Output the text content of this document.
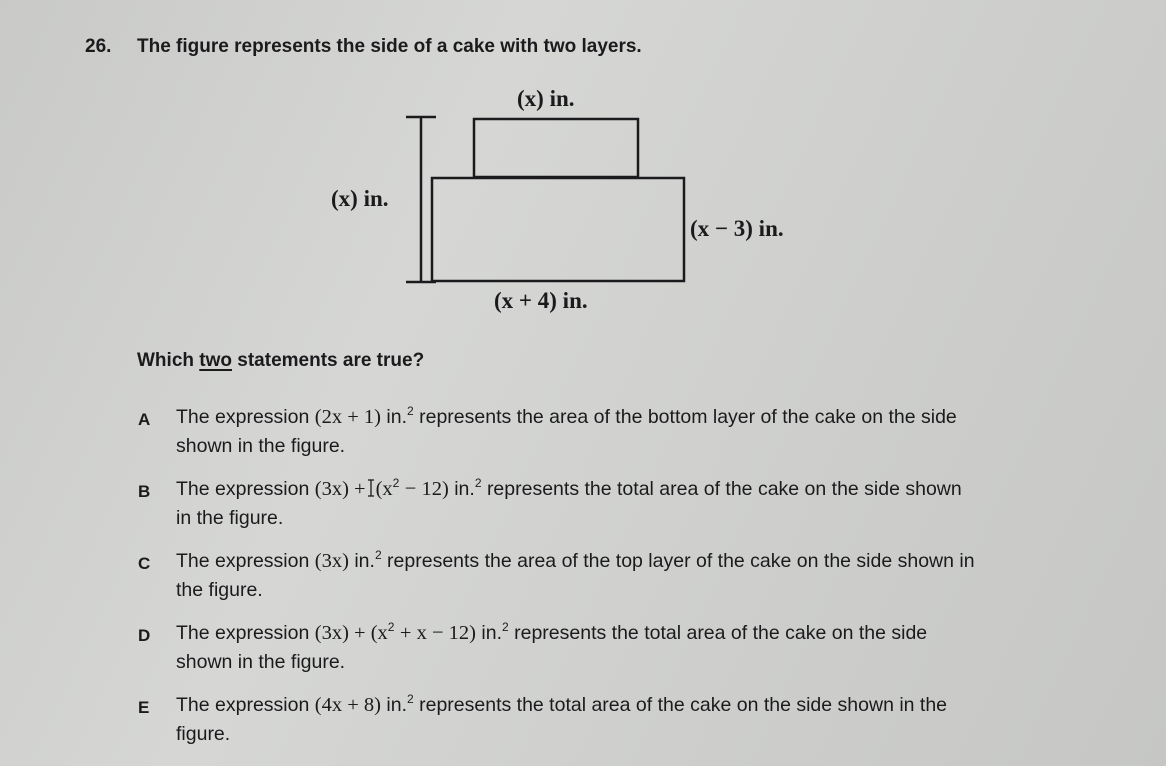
26. The figure represents the side of a cake with two layers.
(x) in.
(x) in.
(x − 3) in.
(x + 4) in.
Which two statements are true?
A The expression (2x + 1) in.$^2$ represents the area of the bottom layer of the cake on the side
shown in the figure.
B The expression $(3x) + (x^2 - 12)$ in.$^2$ represents the total area of the cake on the side shown
in the figure.
C The expression (3x) in.$^2$ represents the area of the top layer of the cake on the side shown in
the figure.
D The expression $(3x) + (x^2 + x - 12)$ in.$^2$ represents the total area of the cake on the side
shown in the figure.
E The expression (4x + 8) in.$^2$ represents the total area of the cake on the side shown in the
figure.
